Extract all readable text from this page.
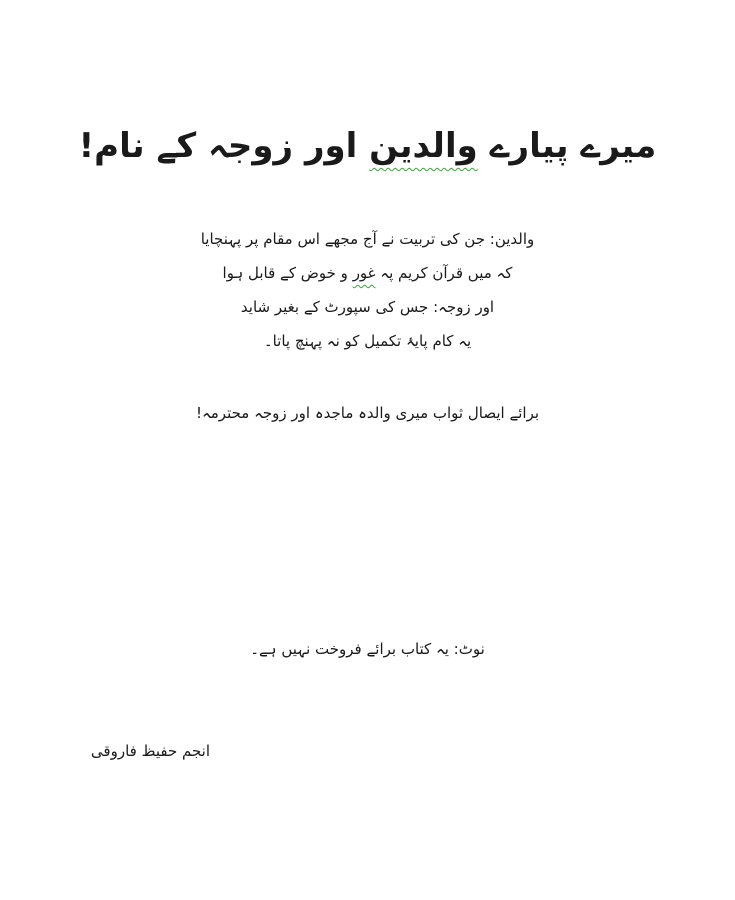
میرے پیارے والدین اور زوجہ کے نام!
والدین: جن کی تربیت نے آج مجھے اس مقام پر پہنچایا
کہ میں قرآن کریم پہ غور و خوض کے قابل ہوا
اور زوجہ: جس کی سپورٹ کے بغیر شاید
یہ کام پایۂ تکمیل کو نہ پہنچ پاتا۔
برائے ایصال ثواب میری والدہ ماجدہ اور زوجہ محترمہ!
نوٹ: یہ کتاب برائے فروخت نہیں ہے۔
انجم حفیظ فاروقی
